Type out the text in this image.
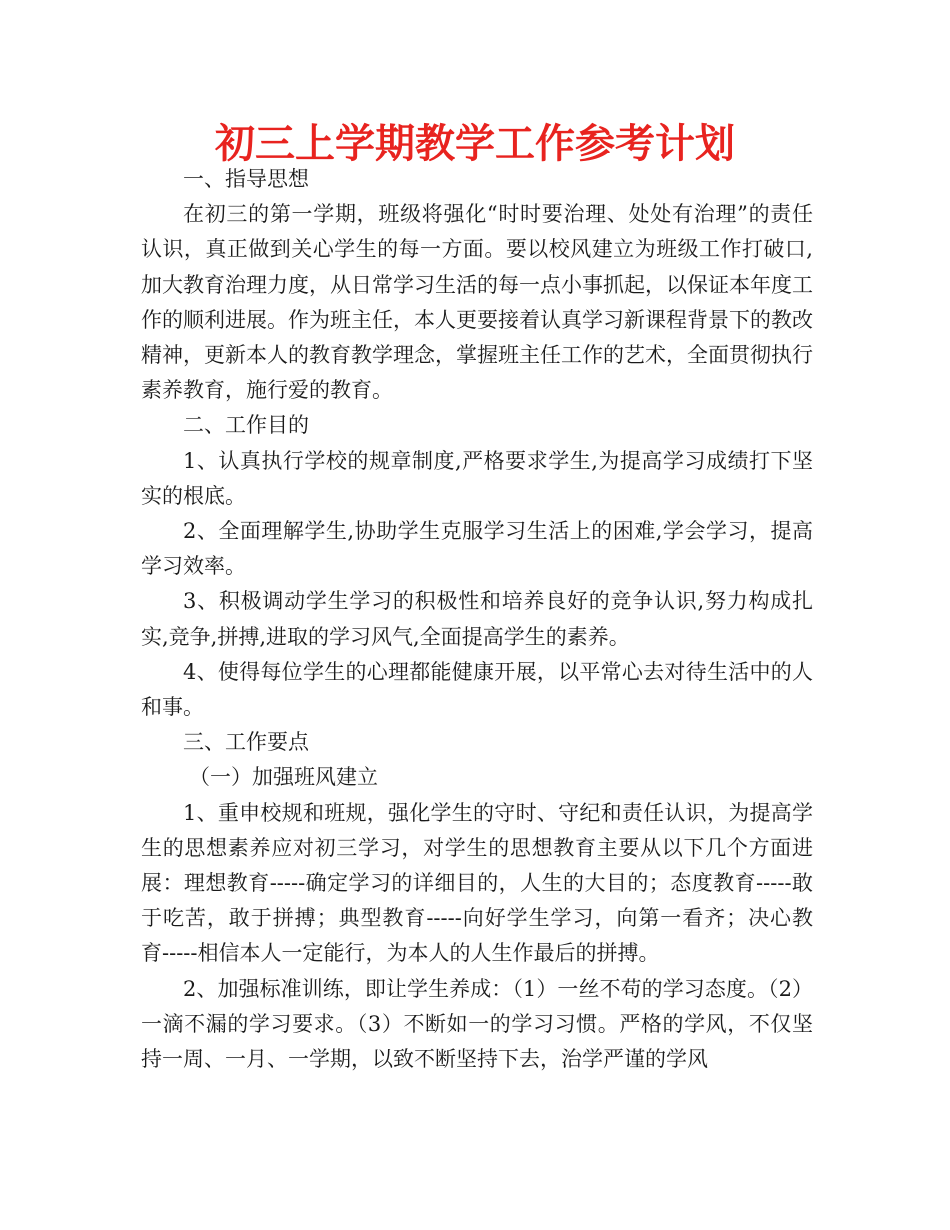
初三上学期教学工作参考计划

一、指导思想

在初三的第一学期，班级将强化“时时要治理、处处有治理”的责任认识，真正做到关心学生的每一方面。要以校风建立为班级工作打破口,加大教育治理力度，从日常学习生活的每一点小事抓起，以保证本年度工作的顺利进展。作为班主任，本人更要接着认真学习新课程背景下的教改精神，更新本人的教育教学理念，掌握班主任工作的艺术，全面贯彻执行素养教育，施行爱的教育。

二、工作目的

1、认真执行学校的规章制度,严格要求学生,为提高学习成绩打下坚实的根底。

2、全面理解学生,协助学生克服学习生活上的困难,学会学习，提高学习效率。

3、积极调动学生学习的积极性和培养良好的竞争认识,努力构成扎实,竞争,拼搏,进取的学习风气,全面提高学生的素养。

4、使得每位学生的心理都能健康开展，以平常心去对待生活中的人和事。

三、工作要点

（一）加强班风建立

1、重申校规和班规，强化学生的守时、守纪和责任认识，为提高学生的思想素养应对初三学习，对学生的思想教育主要从以下几个方面进展：理想教育-----确定学习的详细目的，人生的大目的；态度教育-----敢于吃苦，敢于拼搏；典型教育-----向好学生学习，向第一看齐；决心教育-----相信本人一定能行，为本人的人生作最后的拼搏。

2、加强标准训练，即让学生养成：（1）一丝不苟的学习态度。（2）一滴不漏的学习要求。（3）不断如一的学习习惯。严格的学风，不仅坚持一周、一月、一学期，以致不断坚持下去，治学严谨的学风
